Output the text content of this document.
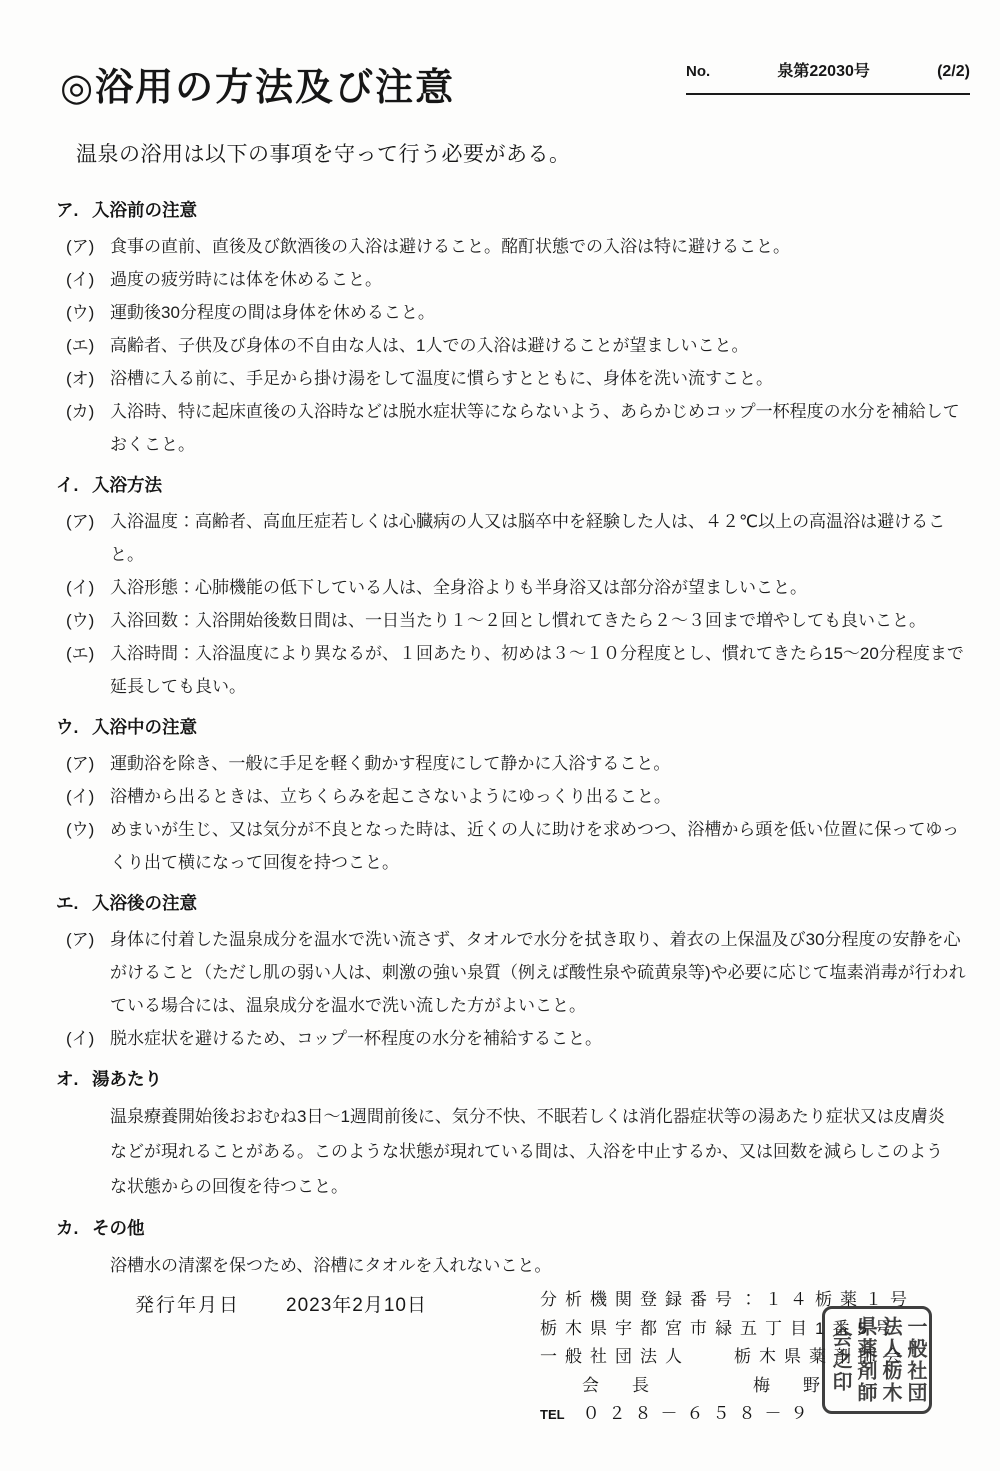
◎浴用の方法及び注意	No.	泉第22030号	(2/2)
温泉の浴用は以下の事項を守って行う必要がある。
ア. 入浴前の注意
(ア) 食事の直前、直後及び飲酒後の入浴は避けること。酩酊状態での入浴は特に避けること。
(イ) 過度の疲労時には体を休めること。
(ウ) 運動後30分程度の間は身体を休めること。
(エ) 高齢者、子供及び身体の不自由な人は、1人での入浴は避けることが望ましいこと。
(オ) 浴槽に入る前に、手足から掛け湯をして温度に慣らすとともに、身体を洗い流すこと。
(カ) 入浴時、特に起床直後の入浴時などは脱水症状等にならないよう、あらかじめコップ一杯程度の水分を補給しておくこと。
イ. 入浴方法
(ア) 入浴温度：高齢者、高血圧症若しくは心臓病の人又は脳卒中を経験した人は、４２℃以上の高温浴は避けること。
(イ) 入浴形態：心肺機能の低下している人は、全身浴よりも半身浴又は部分浴が望ましいこと。
(ウ) 入浴回数：入浴開始後数日間は、一日当たり１～２回とし慣れてきたら２～３回まで増やしても良いこと。
(エ) 入浴時間：入浴温度により異なるが、１回あたり、初めは３～１０分程度とし、慣れてきたら15～20分程度まで延長しても良い。
ウ. 入浴中の注意
(ア) 運動浴を除き、一般に手足を軽く動かす程度にして静かに入浴すること。
(イ) 浴槽から出るときは、立ちくらみを起こさないようにゆっくり出ること。
(ウ) めまいが生じ、又は気分が不良となった時は、近くの人に助けを求めつつ、浴槽から頭を低い位置に保ってゆっくり出て横になって回復を持つこと。
エ. 入浴後の注意
(ア) 身体に付着した温泉成分を温水で洗い流さず、タオルで水分を拭き取り、着衣の上保温及び30分程度の安静を心がけること（ただし肌の弱い人は、刺激の強い泉質（例えば酸性泉や硫黄泉等)や必要に応じて塩素消毒が行われている場合には、温泉成分を温水で洗い流した方がよいこと。
(イ) 脱水症状を避けるため、コップ一杯程度の水分を補給すること。
オ. 湯あたり
温泉療養開始後おおむね3日～1週間前後に、気分不快、不眠若しくは消化器症状等の湯あたり症状又は皮膚炎などが現れることがある。このような状態が現れている間は、入浴を中止するか、又は回数を減らしこのような状態からの回復を待つこと。
カ. その他
浴槽水の清潔を保つため、浴槽にタオルを入れないこと。
発行年月日 2023年2月10日	分析機関登録番号：１４栃薬１号
栃木県宇都宮市緑五丁目1番5号
一般社団法人	栃木県薬剤師会
会　長	梅　野
TEL ０２８－６５８－９
一般社団法人栃木県薬剤師会之印
